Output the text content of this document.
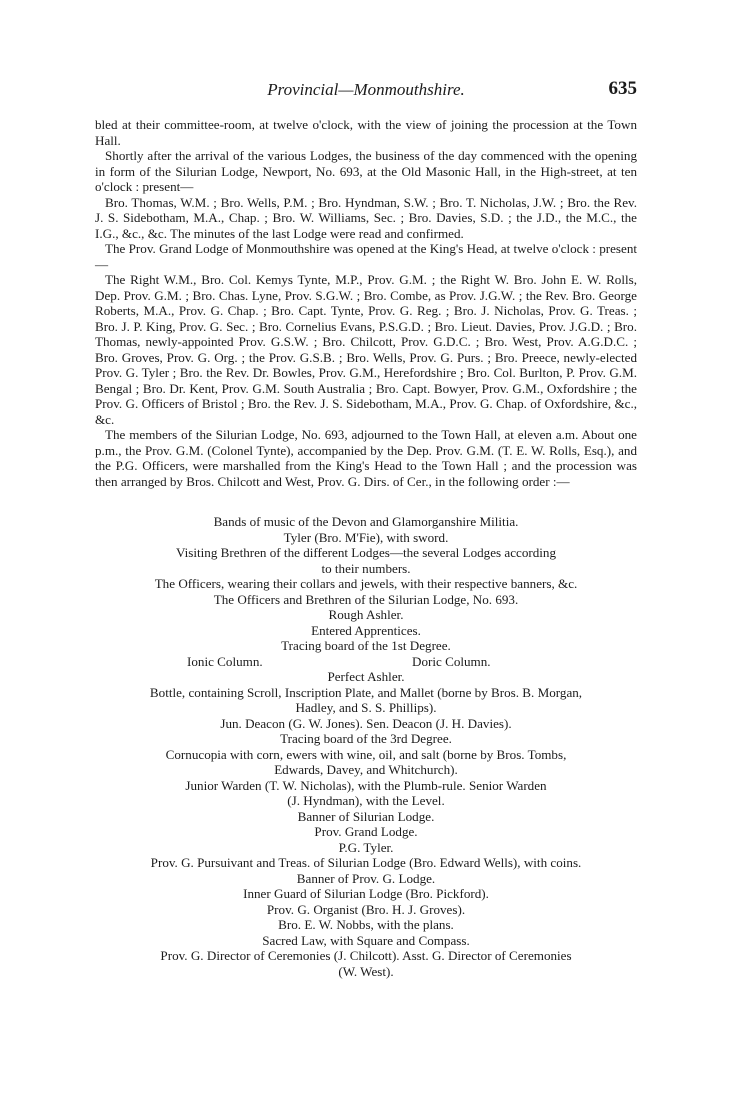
Provincial—Monmouthshire.	635

bled at their committee-room, at twelve o'clock, with the view of joining the procession at the Town Hall.

Shortly after the arrival of the various Lodges, the business of the day commenced with the opening in form of the Silurian Lodge, Newport, No. 693, at the Old Masonic Hall, in the High-street, at ten o'clock : present—

Bro. Thomas, W.M. ; Bro. Wells, P.M. ; Bro. Hyndman, S.W. ; Bro. T. Nicholas, J.W. ; Bro. the Rev. J. S. Sidebotham, M.A., Chap. ; Bro. W. Williams, Sec. ; Bro. Davies, S.D. ; the J.D., the M.C., the I.G., &c., &c. The minutes of the last Lodge were read and confirmed.

The Prov. Grand Lodge of Monmouthshire was opened at the King's Head, at twelve o'clock : present—

The Right W.M., Bro. Col. Kemys Tynte, M.P., Prov. G.M. ; the Right W. Bro. John E. W. Rolls, Dep. Prov. G.M. ; Bro. Chas. Lyne, Prov. S.G.W. ; Bro. Combe, as Prov. J.G.W. ; the Rev. Bro. George Roberts, M.A., Prov. G. Chap. ; Bro. Capt. Tynte, Prov. G. Reg. ; Bro. J. Nicholas, Prov. G. Treas. ; Bro. J. P. King, Prov. G. Sec. ; Bro. Cornelius Evans, P.S.G.D. ; Bro. Lieut. Davies, Prov. J.G.D. ; Bro. Thomas, newly-appointed Prov. G.S.W. ; Bro. Chilcott, Prov. G.D.C. ; Bro. West, Prov. A.G.D.C. ; Bro. Groves, Prov. G. Org. ; the Prov. G.S.B. ; Bro. Wells, Prov. G. Purs. ; Bro. Preece, newly-elected Prov. G. Tyler ; Bro. the Rev. Dr. Bowles, Prov. G.M., Herefordshire ; Bro. Col. Burlton, P. Prov. G.M. Bengal ; Bro. Dr. Kent, Prov. G.M. South Australia ; Bro. Capt. Bowyer, Prov. G.M., Oxfordshire ; the Prov. G. Officers of Bristol ; Bro. the Rev. J. S. Sidebotham, M.A., Prov. G. Chap. of Oxfordshire, &c., &c.

The members of the Silurian Lodge, No. 693, adjourned to the Town Hall, at eleven a.m. About one p.m., the Prov. G.M. (Colonel Tynte), accompanied by the Dep. Prov. G.M. (T. E. W. Rolls, Esq.), and the P.G. Officers, were marshalled from the King's Head to the Town Hall ; and the procession was then arranged by Bros. Chilcott and West, Prov. G. Dirs. of Cer., in the following order :—

Bands of music of the Devon and Glamorganshire Militia.
Tyler (Bro. M'Fie), with sword.
Visiting Brethren of the different Lodges—the several Lodges according
to their numbers.
The Officers, wearing their collars and jewels, with their respective banners, &c.
The Officers and Brethren of the Silurian Lodge, No. 693.
Rough Ashler.
Entered Apprentices.
Tracing board of the 1st Degree.
Ionic Column.	Doric Column.
Perfect Ashler.
Bottle, containing Scroll, Inscription Plate, and Mallet (borne by Bros. B. Morgan,
Hadley, and S. S. Phillips).
Jun. Deacon (G. W. Jones). Sen. Deacon (J. H. Davies).
Tracing board of the 3rd Degree.
Cornucopia with corn, ewers with wine, oil, and salt (borne by Bros. Tombs,
Edwards, Davey, and Whitchurch).
Junior Warden (T. W. Nicholas), with the Plumb-rule. Senior Warden
(J. Hyndman), with the Level.
Banner of Silurian Lodge.
Prov. Grand Lodge.
P.G. Tyler.
Prov. G. Pursuivant and Treas. of Silurian Lodge (Bro. Edward Wells), with coins.
Banner of Prov. G. Lodge.
Inner Guard of Silurian Lodge (Bro. Pickford).
Prov. G. Organist (Bro. H. J. Groves).
Bro. E. W. Nobbs, with the plans.
Sacred Law, with Square and Compass.
Prov. G. Director of Ceremonies (J. Chilcott). Asst. G. Director of Ceremonies
(W. West).
